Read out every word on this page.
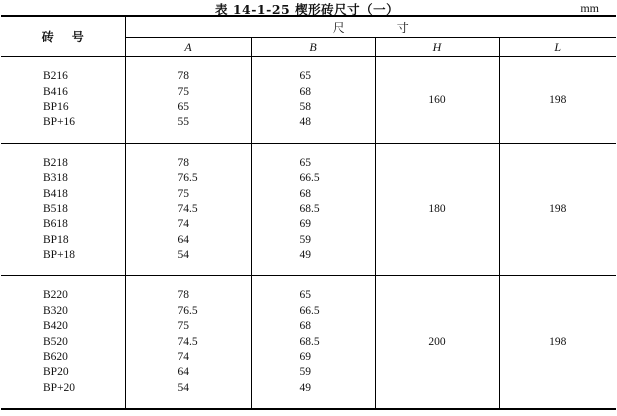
表 14-1-25 楔形砖尺寸（一）	mm
砖号	尺寸			
	A	B	H	L
			160	198
B216	78	65		
B416	75	68		
BP16	65	58		
BP+16	55	48		

			180	198
B218	78	65		
B318	76.5	66.5		
B418	75	68		
B518	74.5	68.5		
B618	74	69		
BP18	64	59		
BP+18	54	49		

			200	198
B220	78	65		
B320	76.5	66.5		
B420	75	68		
B520	74.5	68.5		
B620	74	69		
BP20	64	59		
BP+20	54	49		
